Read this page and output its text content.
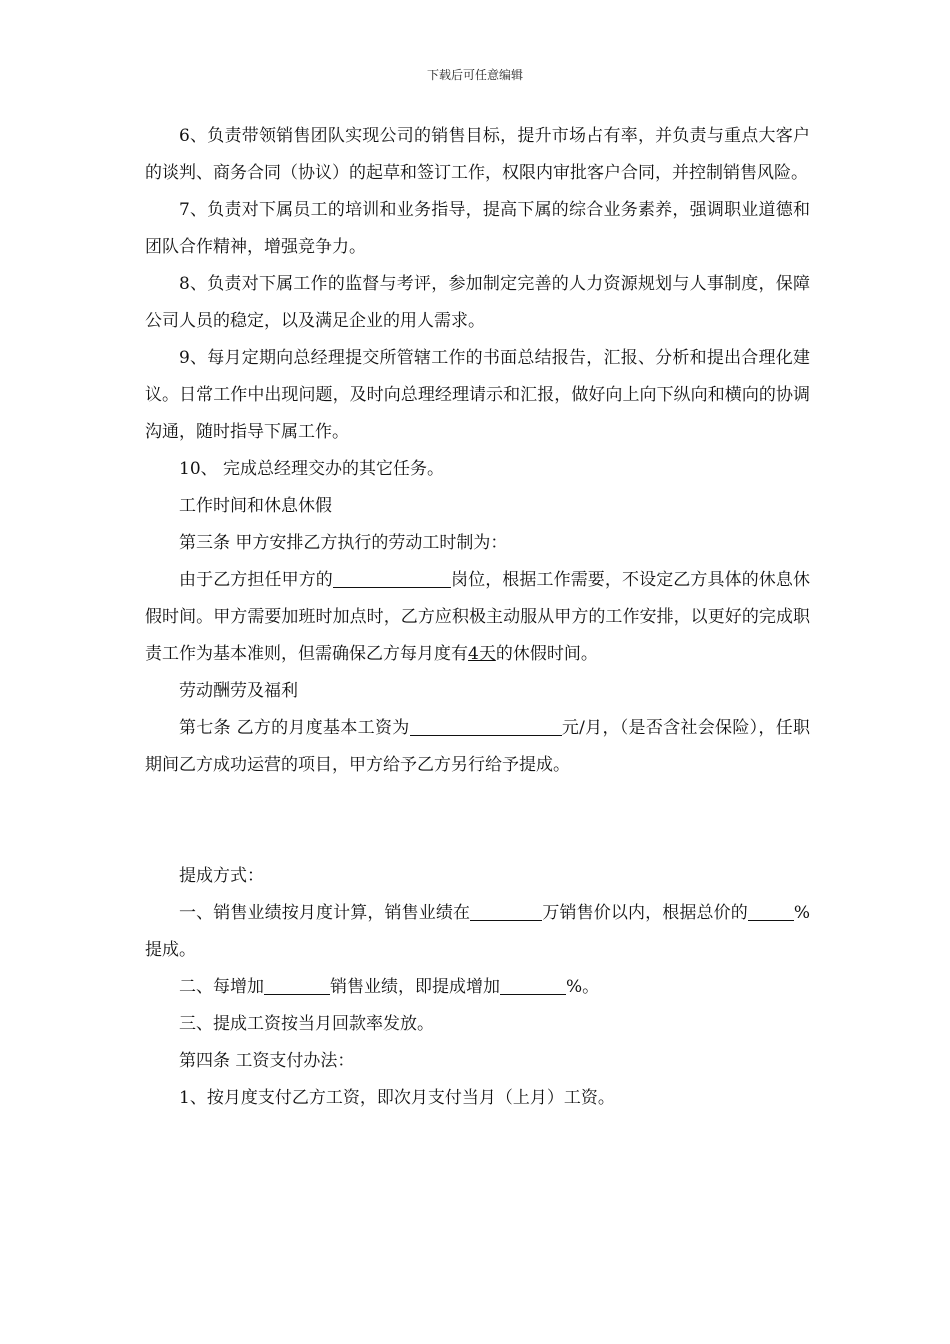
下载后可任意编辑

6、负责带领销售团队实现公司的销售目标，提升市场占有率，并负责与重点大客户的谈判、商务合同（协议）的起草和签订工作，权限内审批客户合同，并控制销售风险。

7、负责对下属员工的培训和业务指导，提高下属的综合业务素养，强调职业道德和团队合作精神，增强竞争力。

8、负责对下属工作的监督与考评，参加制定完善的人力资源规划与人事制度，保障公司人员的稳定，以及满足企业的用人需求。

9、每月定期向总经理提交所管辖工作的书面总结报告，汇报、分析和提出合理化建议。日常工作中出现问题，及时向总理经理请示和汇报，做好向上向下纵向和横向的协调沟通，随时指导下属工作。

10、 完成总经理交办的其它任务。

工作时间和休息休假

第三条 甲方安排乙方执行的劳动工时制为：

由于乙方担任甲方的	岗位，根据工作需要，不设定乙方具体的休息休假时间。甲方需要加班时加点时，乙方应积极主动服从甲方的工作安排，以更好的完成职责工作为基本准则，但需确保乙方每月度有4天的休假时间。

劳动酬劳及福利

第七条 乙方的月度基本工资为	元/月，（是否含社会保险），任职期间乙方成功运营的项目，甲方给予乙方另行给予提成。

提成方式：

一、销售业绩按月度计算，销售业绩在	万销售价以内，根据总价的	%提成。

二、每增加	销售业绩，即提成增加	%。

三、提成工资按当月回款率发放。

第四条 工资支付办法：

1、按月度支付乙方工资，即次月支付当月（上月）工资。
